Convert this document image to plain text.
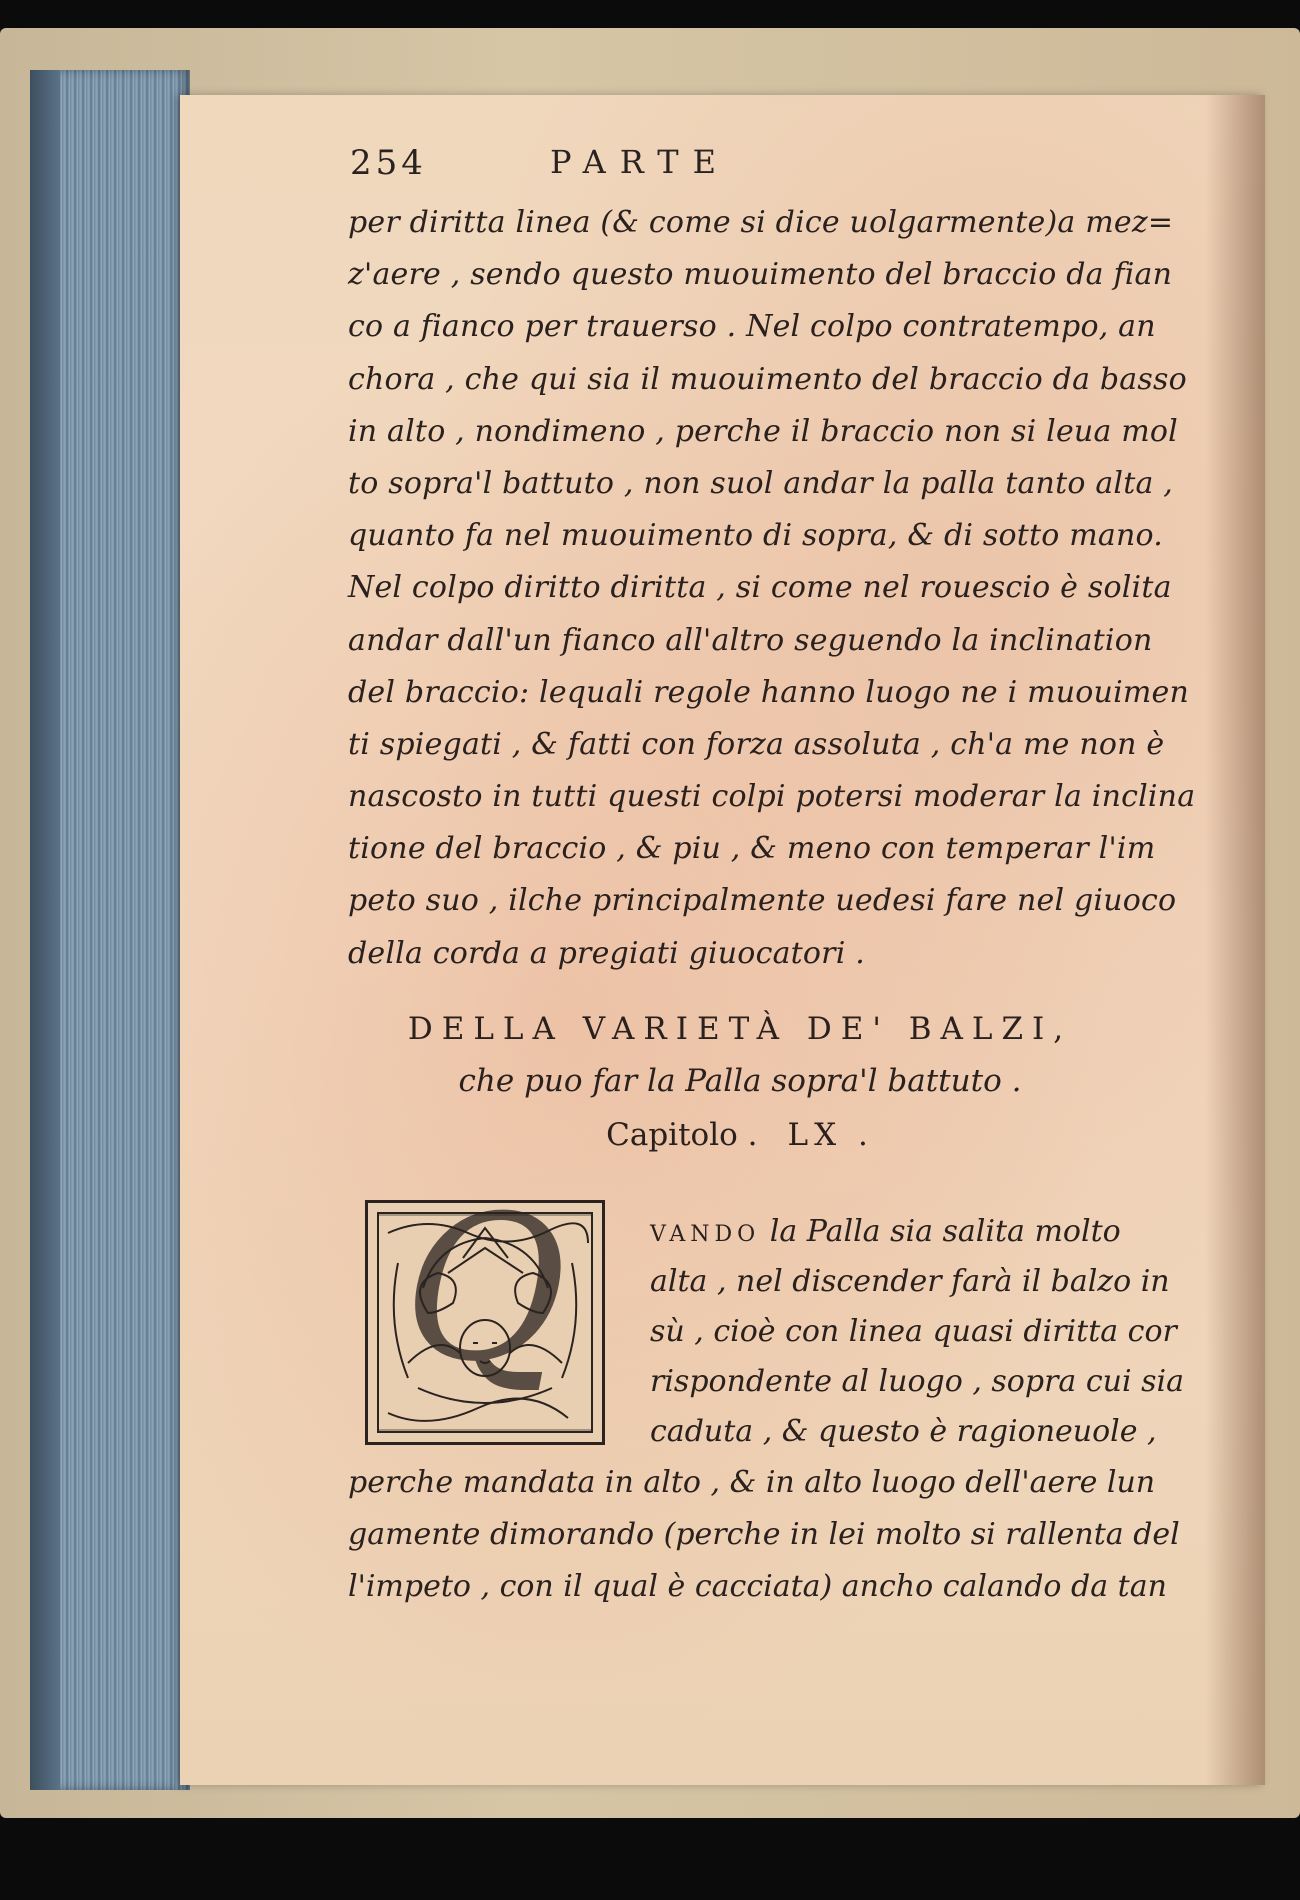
254	PARTE
per diritta linea (& come si dice uolgarmente)a mez=
z'aere , sendo questo muouimento del braccio da fian
co a fianco per trauerso . Nel colpo contratempo, an
chora , che qui sia il muouimento del braccio da basso
in alto , nondimeno , perche il braccio non si leua mol
to sopra'l battuto , non suol andar la palla tanto alta ,
quanto fa nel muouimento di sopra, & di sotto mano.
Nel colpo diritto diritta , si come nel rouescio è solita
andar dall'un fianco all'altro seguendo la inclination
del braccio: lequali regole hanno luogo ne i muouimen
ti spiegati , & fatti con forza assoluta , ch'a me non è
nascosto in tutti questi colpi potersi moderar la inclina
tione del braccio , & piu , & meno con temperar l'im
peto suo , ilche principalmente uedesi fare nel giuoco
della corda a pregiati giuocatori .
DELLA VARIETÀ DE' BALZI,
che puo far la Palla sopra'l battuto .
Capitolo . LX .
Q	VANDO la Palla sia salita molto
alta , nel discender farà il balzo in
sù , cioè con linea quasi diritta cor
rispondente al luogo , sopra cui sia
caduta , & questo è ragioneuole ,
perche mandata in alto , & in alto luogo dell'aere lun
gamente dimorando (perche in lei molto si rallenta del
l'impeto , con il qual è cacciata) ancho calando da tan
